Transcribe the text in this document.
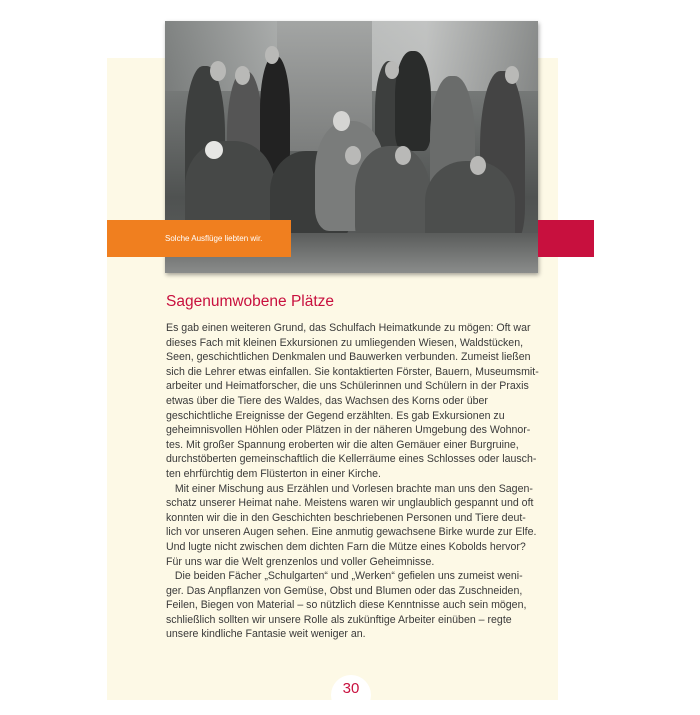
Solche Ausflüge liebten wir.
Sagenumwobene Plätze
Es gab einen weiteren Grund, das Schulfach Heimatkunde zu mögen: Oft war
dieses Fach mit kleinen Exkursionen zu umliegenden Wiesen, Waldstücken,
Seen, geschichtlichen Denkmalen und Bauwerken verbunden. Zumeist ließen
sich die Lehrer etwas einfallen. Sie kontaktierten Förster, Bauern, Museumsmit-
arbeiter und Heimatforscher, die uns Schülerinnen und Schülern in der Praxis
etwas über die Tiere des Waldes, das Wachsen des Korns oder über
geschichtliche Ereignisse der Gegend erzählten. Es gab Exkursionen zu
geheimnisvollen Höhlen oder Plätzen in der näheren Umgebung des Wohnor-
tes. Mit großer Spannung eroberten wir die alten Gemäuer einer Burgruine,
durchstöberten gemeinschaftlich die Kellerräume eines Schlosses oder lausch-
ten ehrfürchtig dem Flüsterton in einer Kirche.
Mit einer Mischung aus Erzählen und Vorlesen brachte man uns den Sagen-
schatz unserer Heimat nahe. Meistens waren wir unglaublich gespannt und oft
konnten wir die in den Geschichten beschriebenen Personen und Tiere deut-
lich vor unseren Augen sehen. Eine anmutig gewachsene Birke wurde zur Elfe.
Und lugte nicht zwischen dem dichten Farn die Mütze eines Kobolds hervor?
Für uns war die Welt grenzenlos und voller Geheimnisse.
Die beiden Fächer „Schulgarten“ und „Werken“ gefielen uns zumeist weni-
ger. Das Anpflanzen von Gemüse, Obst und Blumen oder das Zuschneiden,
Feilen, Biegen von Material – so nützlich diese Kenntnisse auch sein mögen,
schließlich sollten wir unsere Rolle als zukünftige Arbeiter einüben – regte
unsere kindliche Fantasie weit weniger an.
30
